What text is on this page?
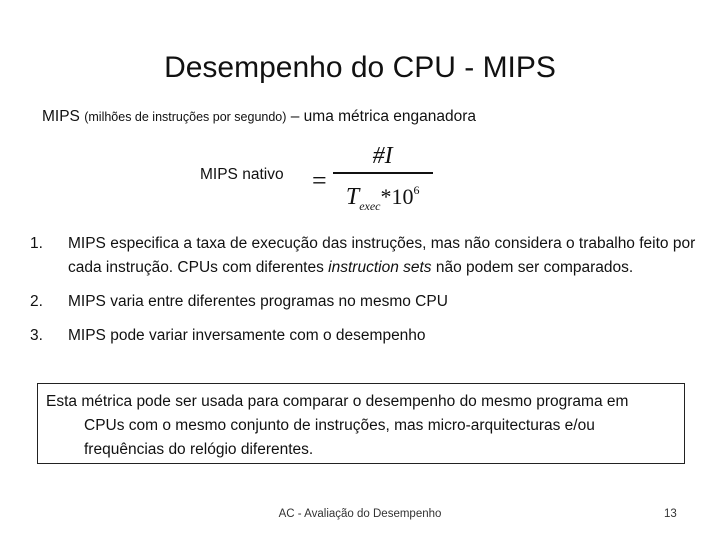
Desempenho do CPU - MIPS
MIPS (milhões de instruções por segundo) – uma métrica enganadora
MIPS nativo = $\frac{\#I}{T_{exec}*10^6}$
1.	MIPS especifica a taxa de execução das instruções, mas não considera o trabalho feito por cada instrução. CPUs com diferentes instruction sets não podem ser comparados.
2.	MIPS varia entre diferentes programas no mesmo CPU
3.	MIPS pode variar inversamente com o desempenho
Esta métrica pode ser usada para comparar o desempenho do mesmo programa em
CPUs com o mesmo conjunto de instruções, mas micro-arquitecturas e/ou
frequências do relógio diferentes.
AC - Avaliação do Desempenho	13
